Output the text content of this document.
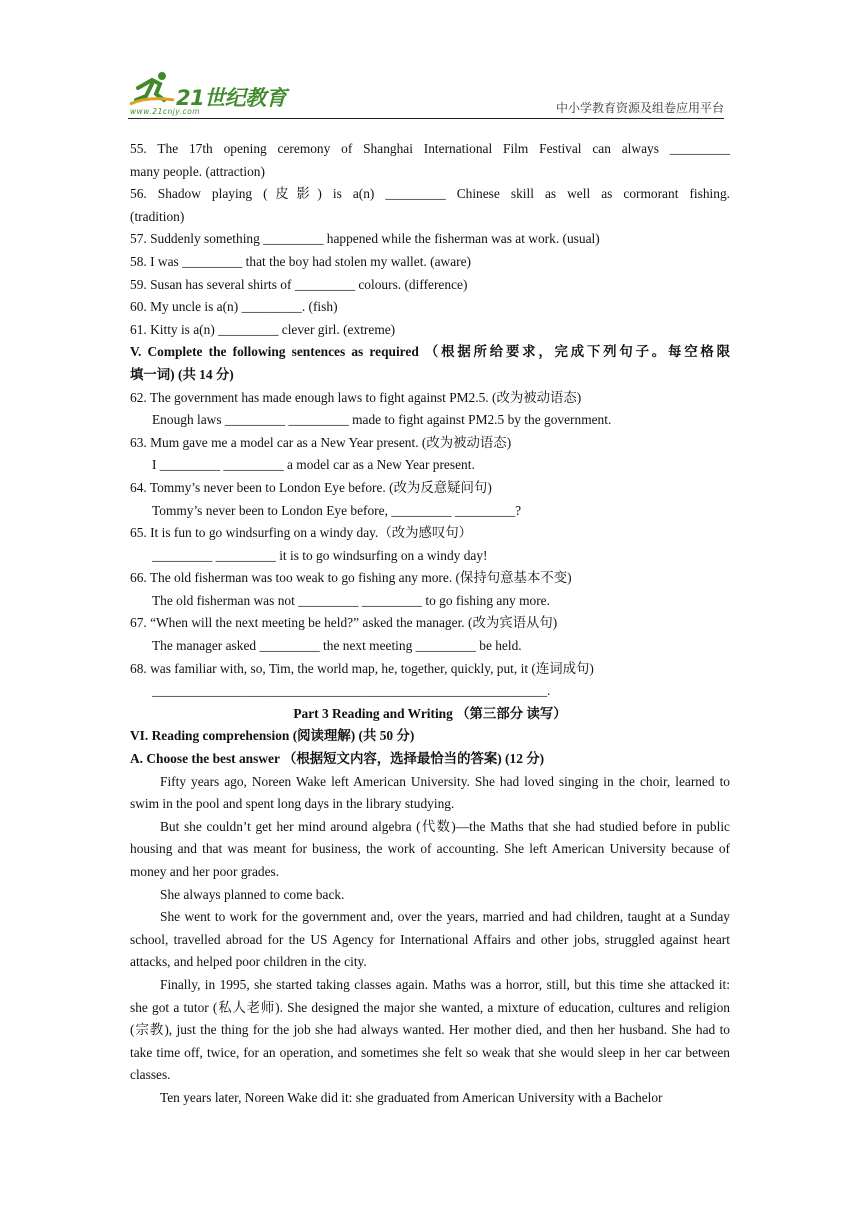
21世纪教育
www.21cnjy.com	中小学教育资源及组卷应用平台
55. The 17th opening ceremony of Shanghai International Film Festival can always _________
many people. (attraction)
56. Shadow playing (皮影) is a(n) _________ Chinese skill as well as cormorant fishing.
(tradition)
57. Suddenly something _________ happened while the fisherman was at work. (usual)
58. I was _________ that the boy had stolen my wallet. (aware)
59. Susan has several shirts of _________ colours. (difference)
60. My uncle is a(n) _________. (fish)
61. Kitty is a(n) _________ clever girl. (extreme)
V. Complete the following sentences as required （根据所给要求，完成下列句子。每空格限
填一词) (共 14 分)
62. The government has made enough laws to fight against PM2.5. (改为被动语态)
Enough laws _________ _________ made to fight against PM2.5 by the government.
63. Mum gave me a model car as a New Year present. (改为被动语态)
I _________ _________ a model car as a New Year present.
64. Tommy’s never been to London Eye before. (改为反意疑问句)
Tommy’s never been to London Eye before, _________ _________?
65. It is fun to go windsurfing on a windy day.（改为感叹句）
_________ _________ it is to go windsurfing on a windy day!
66. The old fisherman was too weak to go fishing any more. (保持句意基本不变)
The old fisherman was not _________ _________ to go fishing any more.
67. “When will the next meeting be held?” asked the manager. (改为宾语从句)
The manager asked _________ the next meeting _________ be held.
68. was familiar with, so, Tim, the world map, he, together, quickly, put, it (连词成句)
___________________________________________________________.
Part 3 Reading and Writing （第三部分 读写）
VI. Reading comprehension (阅读理解) (共 50 分)
A. Choose the best answer （根据短文内容，选择最恰当的答案) (12 分)
Fifty years ago, Noreen Wake left American University. She had loved singing in the choir, learned to swim in the pool and spent long days in the library studying.
But she couldn’t get her mind around algebra (代数)—the Maths that she had studied before in public housing and that was meant for business, the work of accounting. She left American University because of money and her poor grades.
She always planned to come back.
She went to work for the government and, over the years, married and had children, taught at a Sunday school, travelled abroad for the US Agency for International Affairs and other jobs, struggled against heart attacks, and helped poor children in the city.
Finally, in 1995, she started taking classes again. Maths was a horror, still, but this time she attacked it: she got a tutor (私人老师). She designed the major she wanted, a mixture of education, cultures and religion (宗教), just the thing for the job she had always wanted. Her mother died, and then her husband. She had to take time off, twice, for an operation, and sometimes she felt so weak that she would sleep in her car between classes.
Ten years later, Noreen Wake did it: she graduated from American University with a Bachelor
